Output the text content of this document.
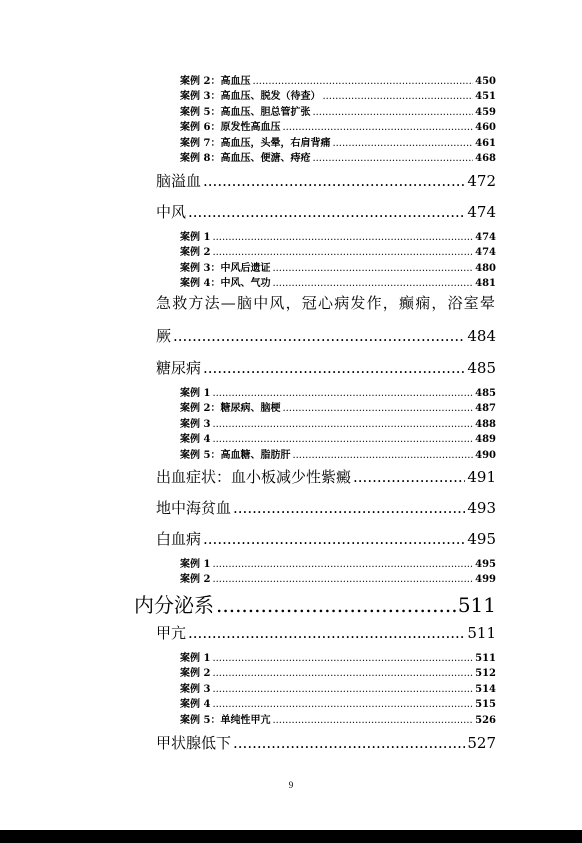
案例 2：高血压 .....	450
案例 3：高血压、脱发（待查） .....	451
案例 5：高血压、胆总管扩张 .....	459
案例 6：原发性高血压 .....	460
案例 7：高血压，头晕，右肩背痛 .....	461
案例 8：高血压、便溏、痔疮 .....	468
脑溢血 .....	472
中风 .....	474
案例 1 .....	474
案例 2 .....	474
案例 3：中风后遗证 .....	480
案例 4：中风、气功 .....	481
急救方法—脑中风，冠心病发作，癫痫，浴室晕
厥 .....	484
糖尿病 .....	485
案例 1 .....	485
案例 2：糖尿病、脑梗 .....	487
案例 3 .....	488
案例 4 .....	489
案例 5：高血糖、脂肪肝 .....	490
出血症状：血小板减少性紫癜 .....	491
地中海贫血 .....	493
白血病 .....	495
案例 1 .....	495
案例 2 .....	499
内分泌系 .....	511
甲亢 .....	511
案例 1 .....	511
案例 2 .....	512
案例 3 .....	514
案例 4 .....	515
案例 5：单纯性甲亢 .....	526
甲状腺低下 .....	527
9
